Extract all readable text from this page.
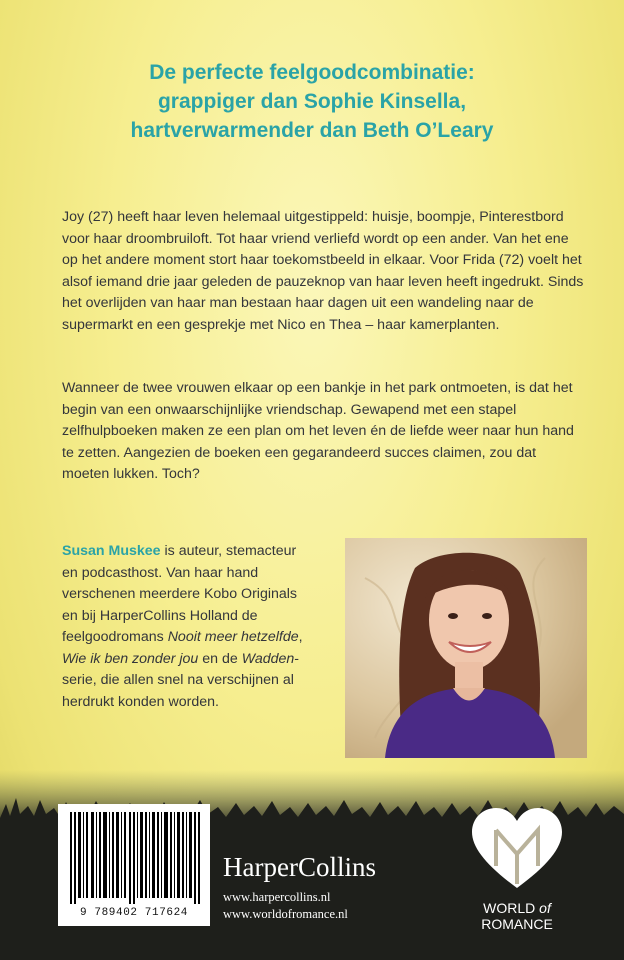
De perfecte feelgoodcombinatie:
grappiger dan Sophie Kinsella,
hartverwarmender dan Beth O’Leary
Joy (27) heeft haar leven helemaal uitgestippeld: huisje, boompje, Pinterestbord voor haar droombruiloft. Tot haar vriend verliefd wordt op een ander. Van het ene op het andere moment stort haar toekomstbeeld in elkaar. Voor Frida (72) voelt het alsof iemand drie jaar geleden de pauzeknop van haar leven heeft ingedrukt. Sinds het overlijden van haar man bestaan haar dagen uit een wandeling naar de supermarkt en een gesprekje met Nico en Thea – haar kamerplanten.
Wanneer de twee vrouwen elkaar op een bankje in het park ontmoeten, is dat het begin van een onwaarschijnlijke vriendschap. Gewapend met een stapel zelfhulpboeken maken ze een plan om het leven én de liefde weer naar hun hand te zetten. Aangezien de boeken een gegarandeerd succes claimen, zou dat moeten lukken. Toch?
Susan Muskee is auteur, stemacteur en podcasthost. Van haar hand verschenen meerdere Kobo Originals en bij HarperCollins Holland de feelgoodromans Nooit meer hetzelfde, Wie ik ben zonder jou en de Wadden-serie, die allen snel na verschijnen al herdrukt konden worden.
9 789402 717624
HarperCollins
www.harpercollins.nl
www.worldofromance.nl	WORLD of
ROMANCE
